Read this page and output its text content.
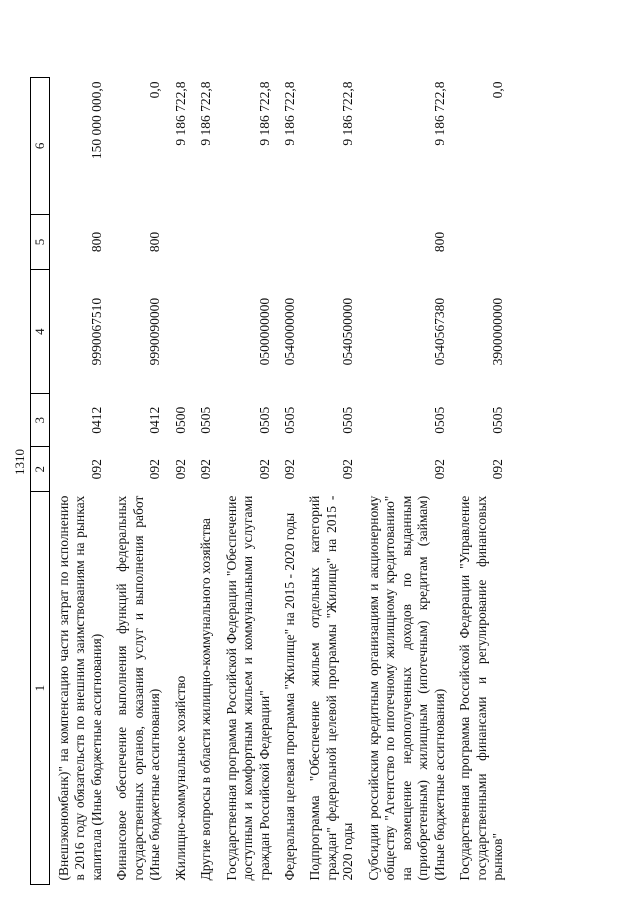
1310
1	2	3	4	5	6
(Внешэкономбанк)" на компенсацию части затрат по исполнению в 2016 году обязательств по внешним заимствованиям на рынках капитала (Иные бюджетные ассигнования)	092	0412	9990067510	800	150 000 000,0
Финансовое обеспечение выполнения функций федеральных государственных органов, оказания услуг и выполнения работ (Иные бюджетные ассигнования)	092	0412	9990090000	800	0,0
Жилищно-коммунальное хозяйство	092	0500			9 186 722,8
Другие вопросы в области жилищно-коммунального хозяйства	092	0505			9 186 722,8
Государственная программа Российской Федерации "Обеспечение доступным и комфортным жильем и коммунальными услугами граждан Российской Федерации"	092	0505	0500000000		9 186 722,8
Федеральная целевая программа "Жилище" на 2015 - 2020 годы	092	0505	0540000000		9 186 722,8
Подпрограмма "Обеспечение жильем отдельных категорий граждан" федеральной целевой программы "Жилище" на 2015 - 2020 годы	092	0505	0540500000		9 186 722,8
Субсидии российским кредитным организациям и акционерному обществу "Агентство по ипотечному жилищному кредитованию" на возмещение недополученных доходов по выданным (приобретенным) жилищным (ипотечным) кредитам (займам) (Иные бюджетные ассигнования)	092	0505	0540567380	800	9 186 722,8
Государственная программа Российской Федерации "Управление государственными финансами и регулирование финансовых рынков"	092	0505	3900000000		0,0
